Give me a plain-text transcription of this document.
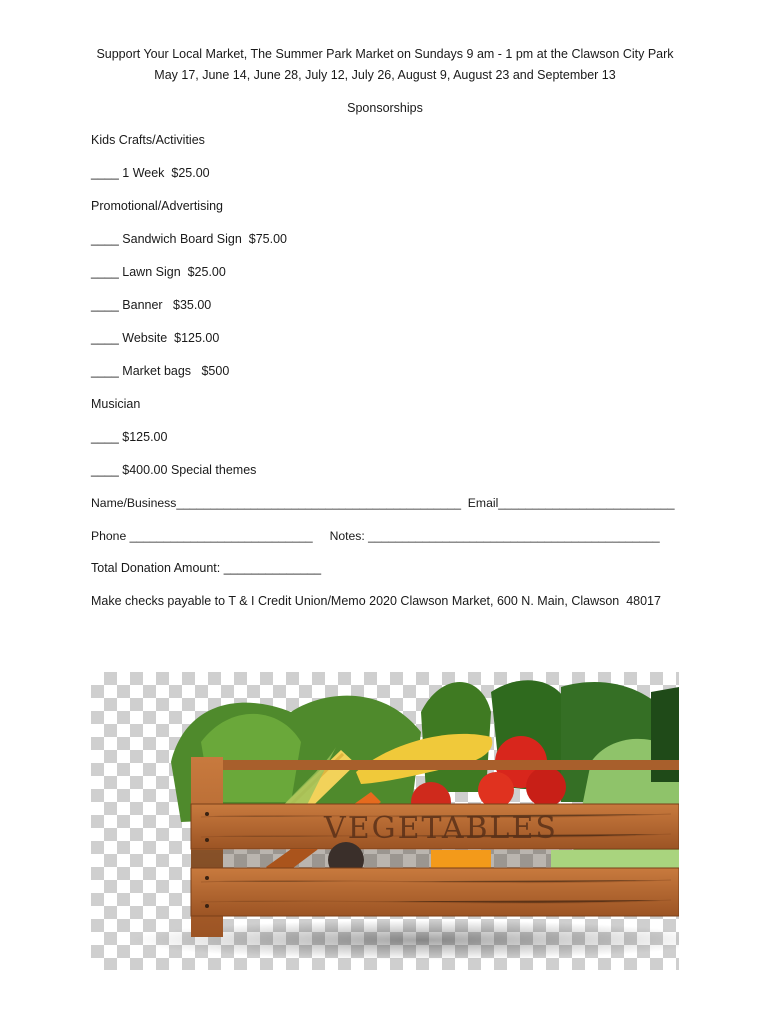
Support Your Local Market, The Summer Park Market on Sundays 9 am - 1 pm at the Clawson City Park
May 17, June 14, June 28, July 12, July 26, August 9, August 23 and September 13
Sponsorships
Kids Crafts/Activities
____ 1 Week  $25.00
Promotional/Advertising
____ Sandwich Board Sign  $75.00
____ Lawn Sign  $25.00
____ Banner   $35.00
____ Website  $125.00
____ Market bags   $500
Musician
____ $125.00
____ $400.00 Special themes
Name/Business__________________________________________  Email__________________________
Phone ___________________________     Notes: ___________________________________________
Total Donation Amount: ______________
Make checks payable to T & I Credit Union/Memo 2020 Clawson Market, 600 N. Main, Clawson  48017
VEGETABLES
